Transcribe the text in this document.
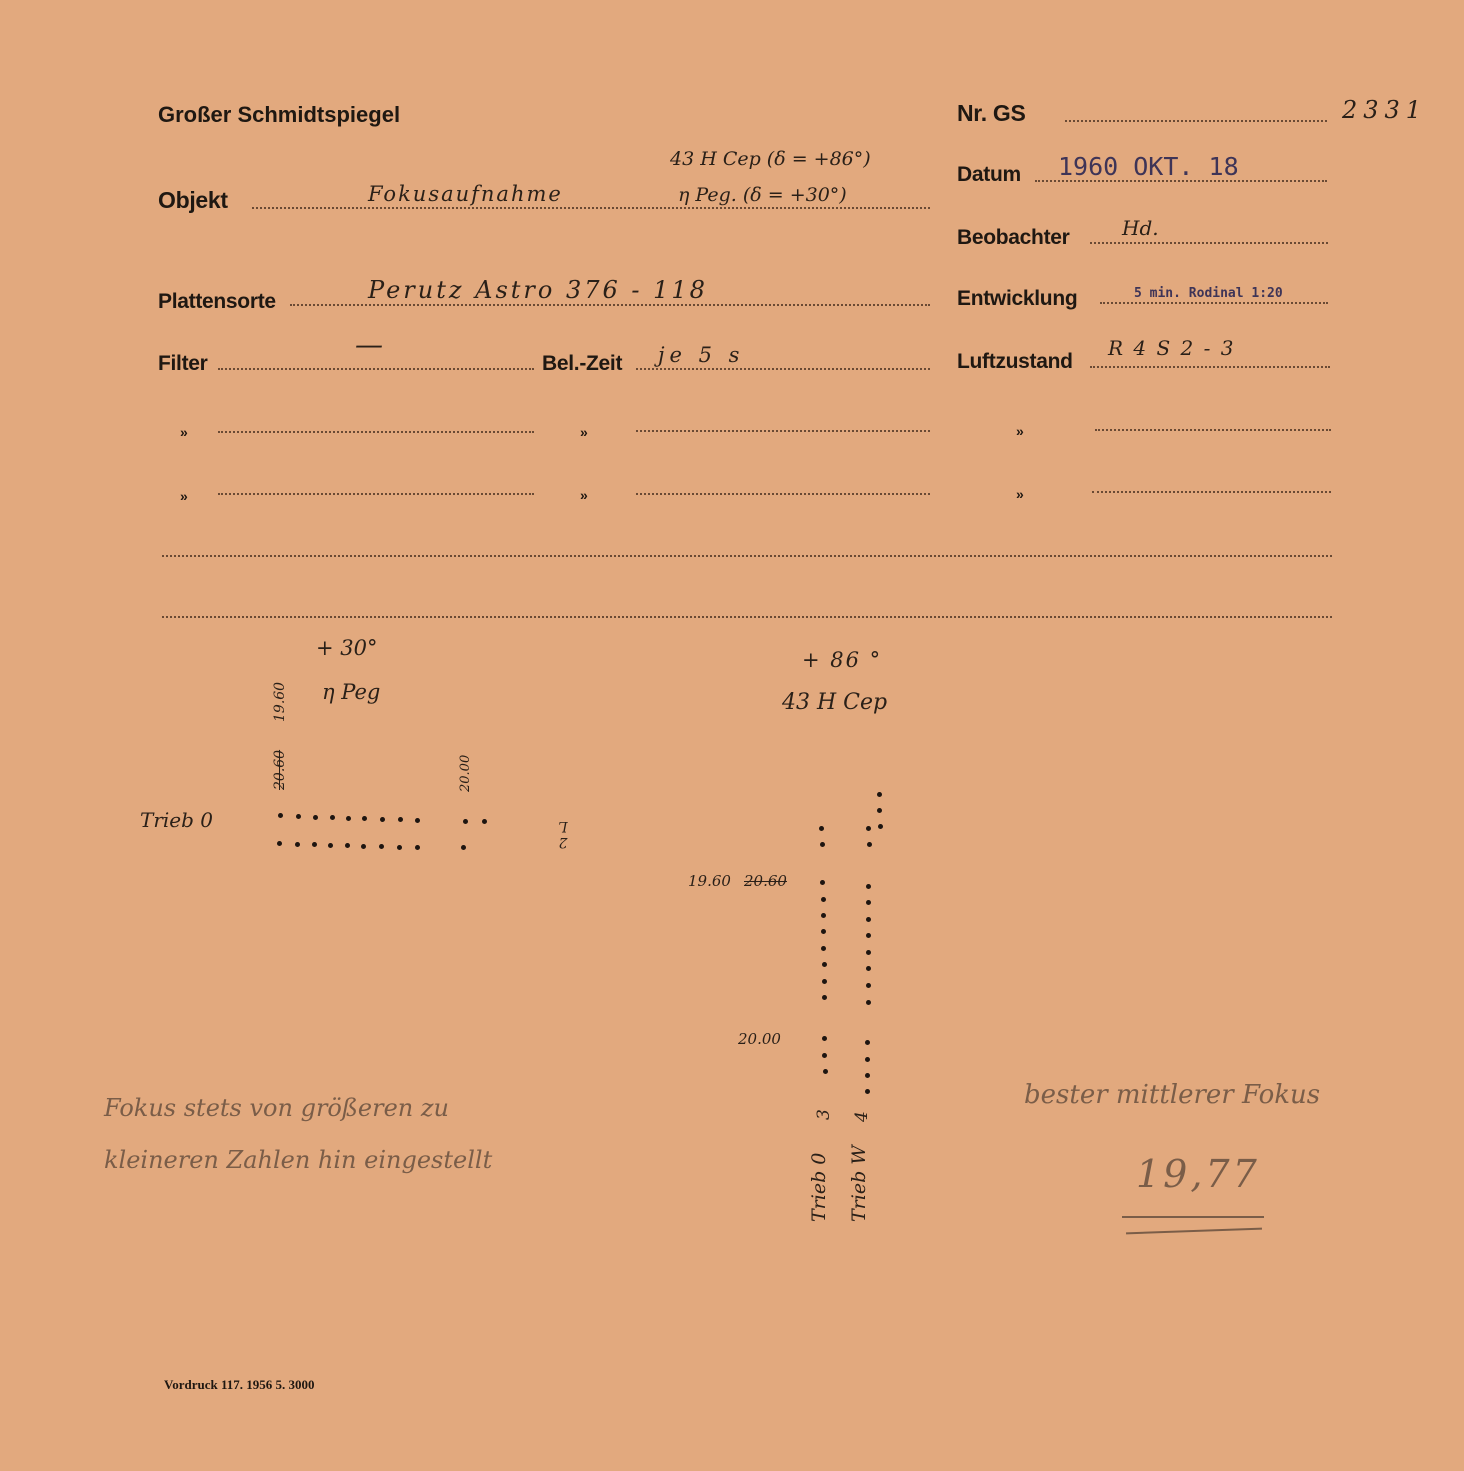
Großer Schmidtspiegel	Nr. GS	2331
Objekt	Fokusaufnahme
43 H Cep (δ = +86°)
η Peg. (δ = +30°)
Datum 1960 OKT. 18
Beobachter	Hd.
Plattensorte	Perutz Astro 376 - 118	Entwicklung	5 min. Rodinal 1:20
Filter
—
Bel.-Zeit je 5 s	Luftzustand
R 4 S 2 - 3
»	»	»
»	»	»
+ 30°
η Peg
19.60
20.60	20.00
Trieb 0
2 L
+ 86 °
43 H Cep
19.60 20.60
20.00
Trieb 0
3
Trieb W
4
Fokus stets von größeren zu
kleineren Zahlen hin eingestellt
bester mittlerer Fokus
19,77
Vordruck 117. 1956 5. 3000
